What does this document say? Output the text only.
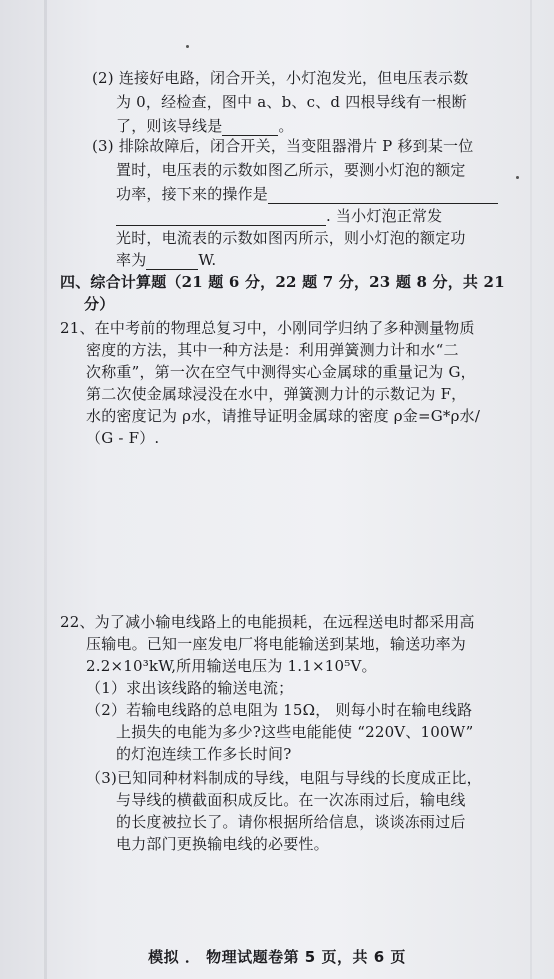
(2) 连接好电路，闭合开关，小灯泡发光，但电压表示数
为 0，经检查，图中 a、b、c、d 四根导线有一根断
了，则该导线是	。
(3) 排除故障后，闭合开关，当变阻器滑片 P 移到某一位
置时，电压表的示数如图乙所示，要测小灯泡的额定
功率，接下来的操作是
. 当小灯泡正常发
光时，电流表的示数如图丙所示，则小灯泡的额定功
率为	W.
四、综合计算题（21 题 6 分，22 题 7 分，23 题 8 分，共 21
分）
21、在中考前的物理总复习中，小刚同学归纳了多种测量物质
密度的方法，其中一种方法是：利用弹簧测力计和水“二
次称重”，第一次在空气中测得实心金属球的重量记为 G，
第二次使金属球浸没在水中，弹簧测力计的示数记为 F，
水的密度记为 ρ水，请推导证明金属球的密度 ρ金=G*ρ水/
（G - F）.
22、为了减小输电线路上的电能损耗，在远程送电时都采用高
压输电。已知一座发电厂将电能输送到某地，输送功率为
2.2×10³kW,所用输送电压为 1.1×10⁵V。
（1）求出该线路的输送电流；
（2）若输电线路的总电阻为 15Ω， 则每小时在输电线路
上损失的电能为多少?这些电能能使 “220V、100W”
的灯泡连续工作多长时间?
（3)已知同种材料制成的导线，电阻与导线的长度成正比，
与导线的横截面积成反比。在一次冻雨过后，输电线
的长度被拉长了。请你根据所给信息，谈谈冻雨过后
电力部门更换输电线的必要性。
模拟 ． 物理试题卷第 5 页，共 6 页
